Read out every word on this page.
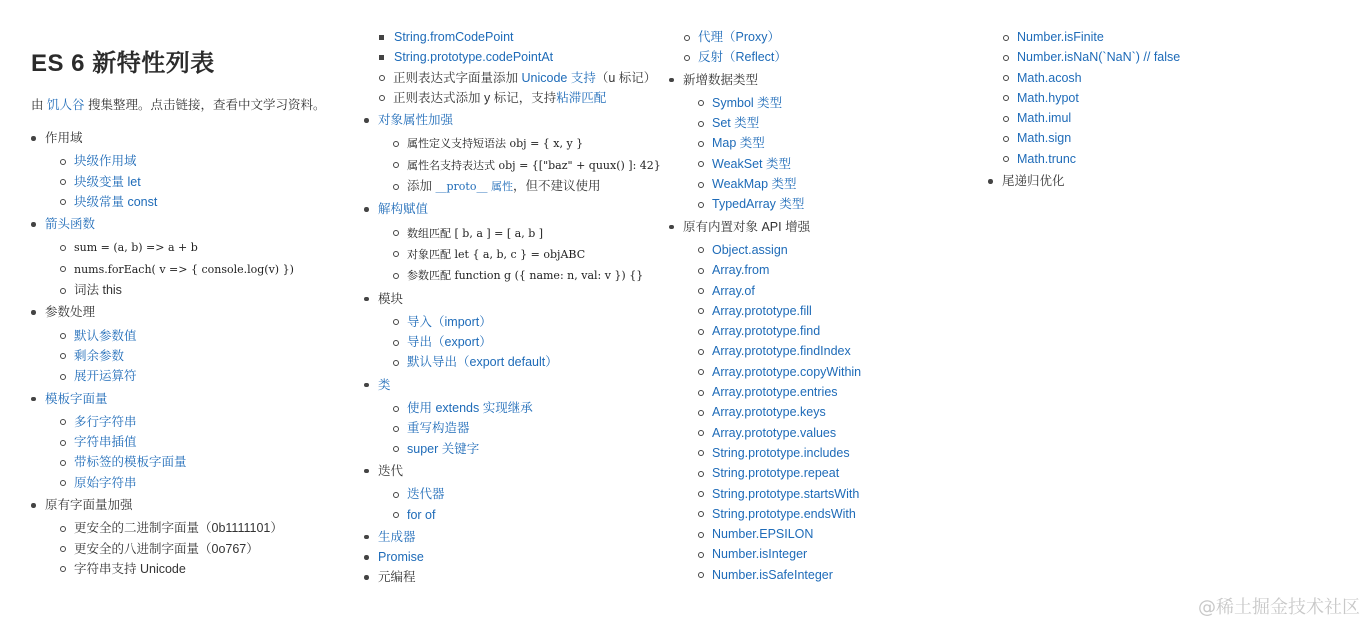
ES 6 新特性列表
由 饥人谷 搜集整理。点击链接，查看中文学习资料。
作用域
块级作用域
块级变量 let
块级常量 const
箭头函数
sum = (a, b) => a + b
nums.forEach( v => { console.log(v) })
词法 this
参数处理
默认参数值
剩余参数
展开运算符
模板字面量
多行字符串
字符串插值
带标签的模板字面量
原始字符串
原有字面量加强
更安全的二进制字面量（0b1111101）
更安全的八进制字面量（0o767）
字符串支持 Unicode
String.fromCodePoint
String.prototype.codePointAt
正则表达式字面量添加 Unicode 支持（u 标记）
正则表达式添加 y 标记，支持粘滞匹配
对象属性加强
属性定义支持短语法 obj = { x, y }
属性名支持表达式 obj = {["baz" + quux() ]: 42}
添加 __proto__ 属性，但不建议使用
解构赋值
数组匹配 [ b, a ] = [ a, b ]
对象匹配 let { a, b, c } = objABC
参数匹配 function g ({ name: n, val: v }) {}
模块
导入（import）
导出（export）
默认导出（export default）
类
使用 extends 实现继承
重写构造器
super 关键字
迭代
迭代器
for of
生成器
Promise
元编程
代理（Proxy）
反射（Reflect）
新增数据类型
Symbol 类型
Set 类型
Map 类型
WeakSet 类型
WeakMap 类型
TypedArray 类型
原有内置对象 API 增强
Object.assign
Array.from
Array.of
Array.prototype.fill
Array.prototype.find
Array.prototype.findIndex
Array.prototype.copyWithin
Array.prototype.entries
Array.prototype.keys
Array.prototype.values
String.prototype.includes
String.prototype.repeat
String.prototype.startsWith
String.prototype.endsWith
Number.EPSILON
Number.isInteger
Number.isSafeInteger
Number.isFinite
Number.isNaN(`NaN`) // false
Math.acosh
Math.hypot
Math.imul
Math.sign
Math.trunc
尾递归优化
@稀土掘金技术社区
